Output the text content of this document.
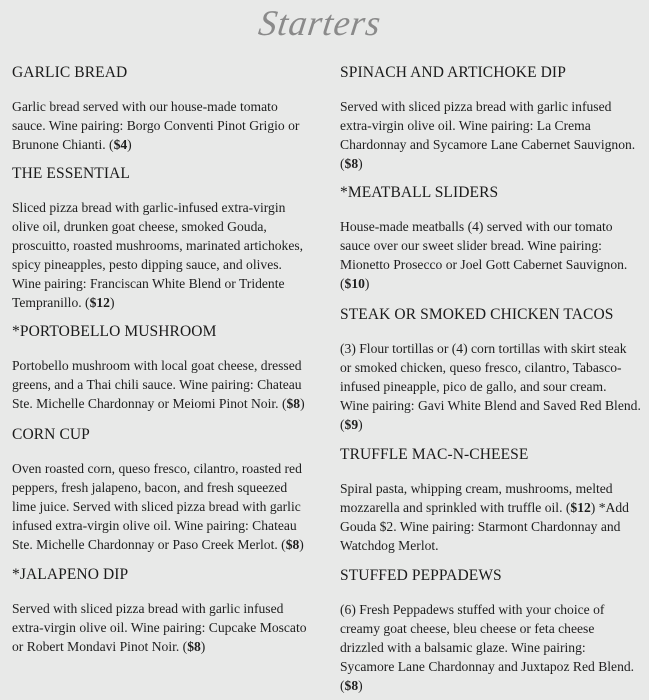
Starters
GARLIC BREAD

Garlic bread served with our house-made tomato
sauce. Wine pairing: Borgo Conventi Pinot Grigio or
Brunone Chianti. ($4)

THE ESSENTIAL

Sliced pizza bread with garlic-infused extra-virgin
olive oil, drunken goat cheese, smoked Gouda,
proscuitto, roasted mushrooms, marinated artichokes,
spicy pineapples, pesto dipping sauce, and olives.
Wine pairing: Franciscan White Blend or Tridente
Tempranillo. ($12)

*PORTOBELLO MUSHROOM

Portobello mushroom with local goat cheese, dressed
greens, and a Thai chili sauce. Wine pairing: Chateau
Ste. Michelle Chardonnay or Meiomi Pinot Noir. ($8)

CORN CUP

Oven roasted corn, queso fresco, cilantro, roasted red
peppers, fresh jalapeno, bacon, and fresh squeezed
lime juice. Served with sliced pizza bread with garlic
infused extra-virgin olive oil. Wine pairing: Chateau
Ste. Michelle Chardonnay or Paso Creek Merlot. ($8)

*JALAPENO DIP

Served with sliced pizza bread with garlic infused
extra-virgin olive oil. Wine pairing: Cupcake Moscato
or Robert Mondavi Pinot Noir. ($8)

SPINACH AND ARTICHOKE DIP

Served with sliced pizza bread with garlic infused
extra-virgin olive oil. Wine pairing: La Crema
Chardonnay and Sycamore Lane Cabernet Sauvignon.
($8)

*MEATBALL SLIDERS

House-made meatballs (4) served with our tomato
sauce over our sweet slider bread. Wine pairing:
Mionetto Prosecco or Joel Gott Cabernet Sauvignon.
($10)

STEAK OR SMOKED CHICKEN TACOS

(3) Flour tortillas or (4) corn tortillas with skirt steak
or smoked chicken, queso fresco, cilantro, Tabasco-
infused pineapple, pico de gallo, and sour cream.
Wine pairing: Gavi White Blend and Saved Red Blend.
($9)

TRUFFLE MAC-N-CHEESE

Spiral pasta, whipping cream, mushrooms, melted
mozzarella and sprinkled with truffle oil. ($12) *Add
Gouda $2. Wine pairing: Starmont Chardonnay and
Watchdog Merlot.

STUFFED PEPPADEWS

(6) Fresh Peppadews stuffed with your choice of
creamy goat cheese, bleu cheese or feta cheese
drizzled with a balsamic glaze. Wine pairing:
Sycamore Lane Chardonnay and Juxtapoz Red Blend.
($8)
